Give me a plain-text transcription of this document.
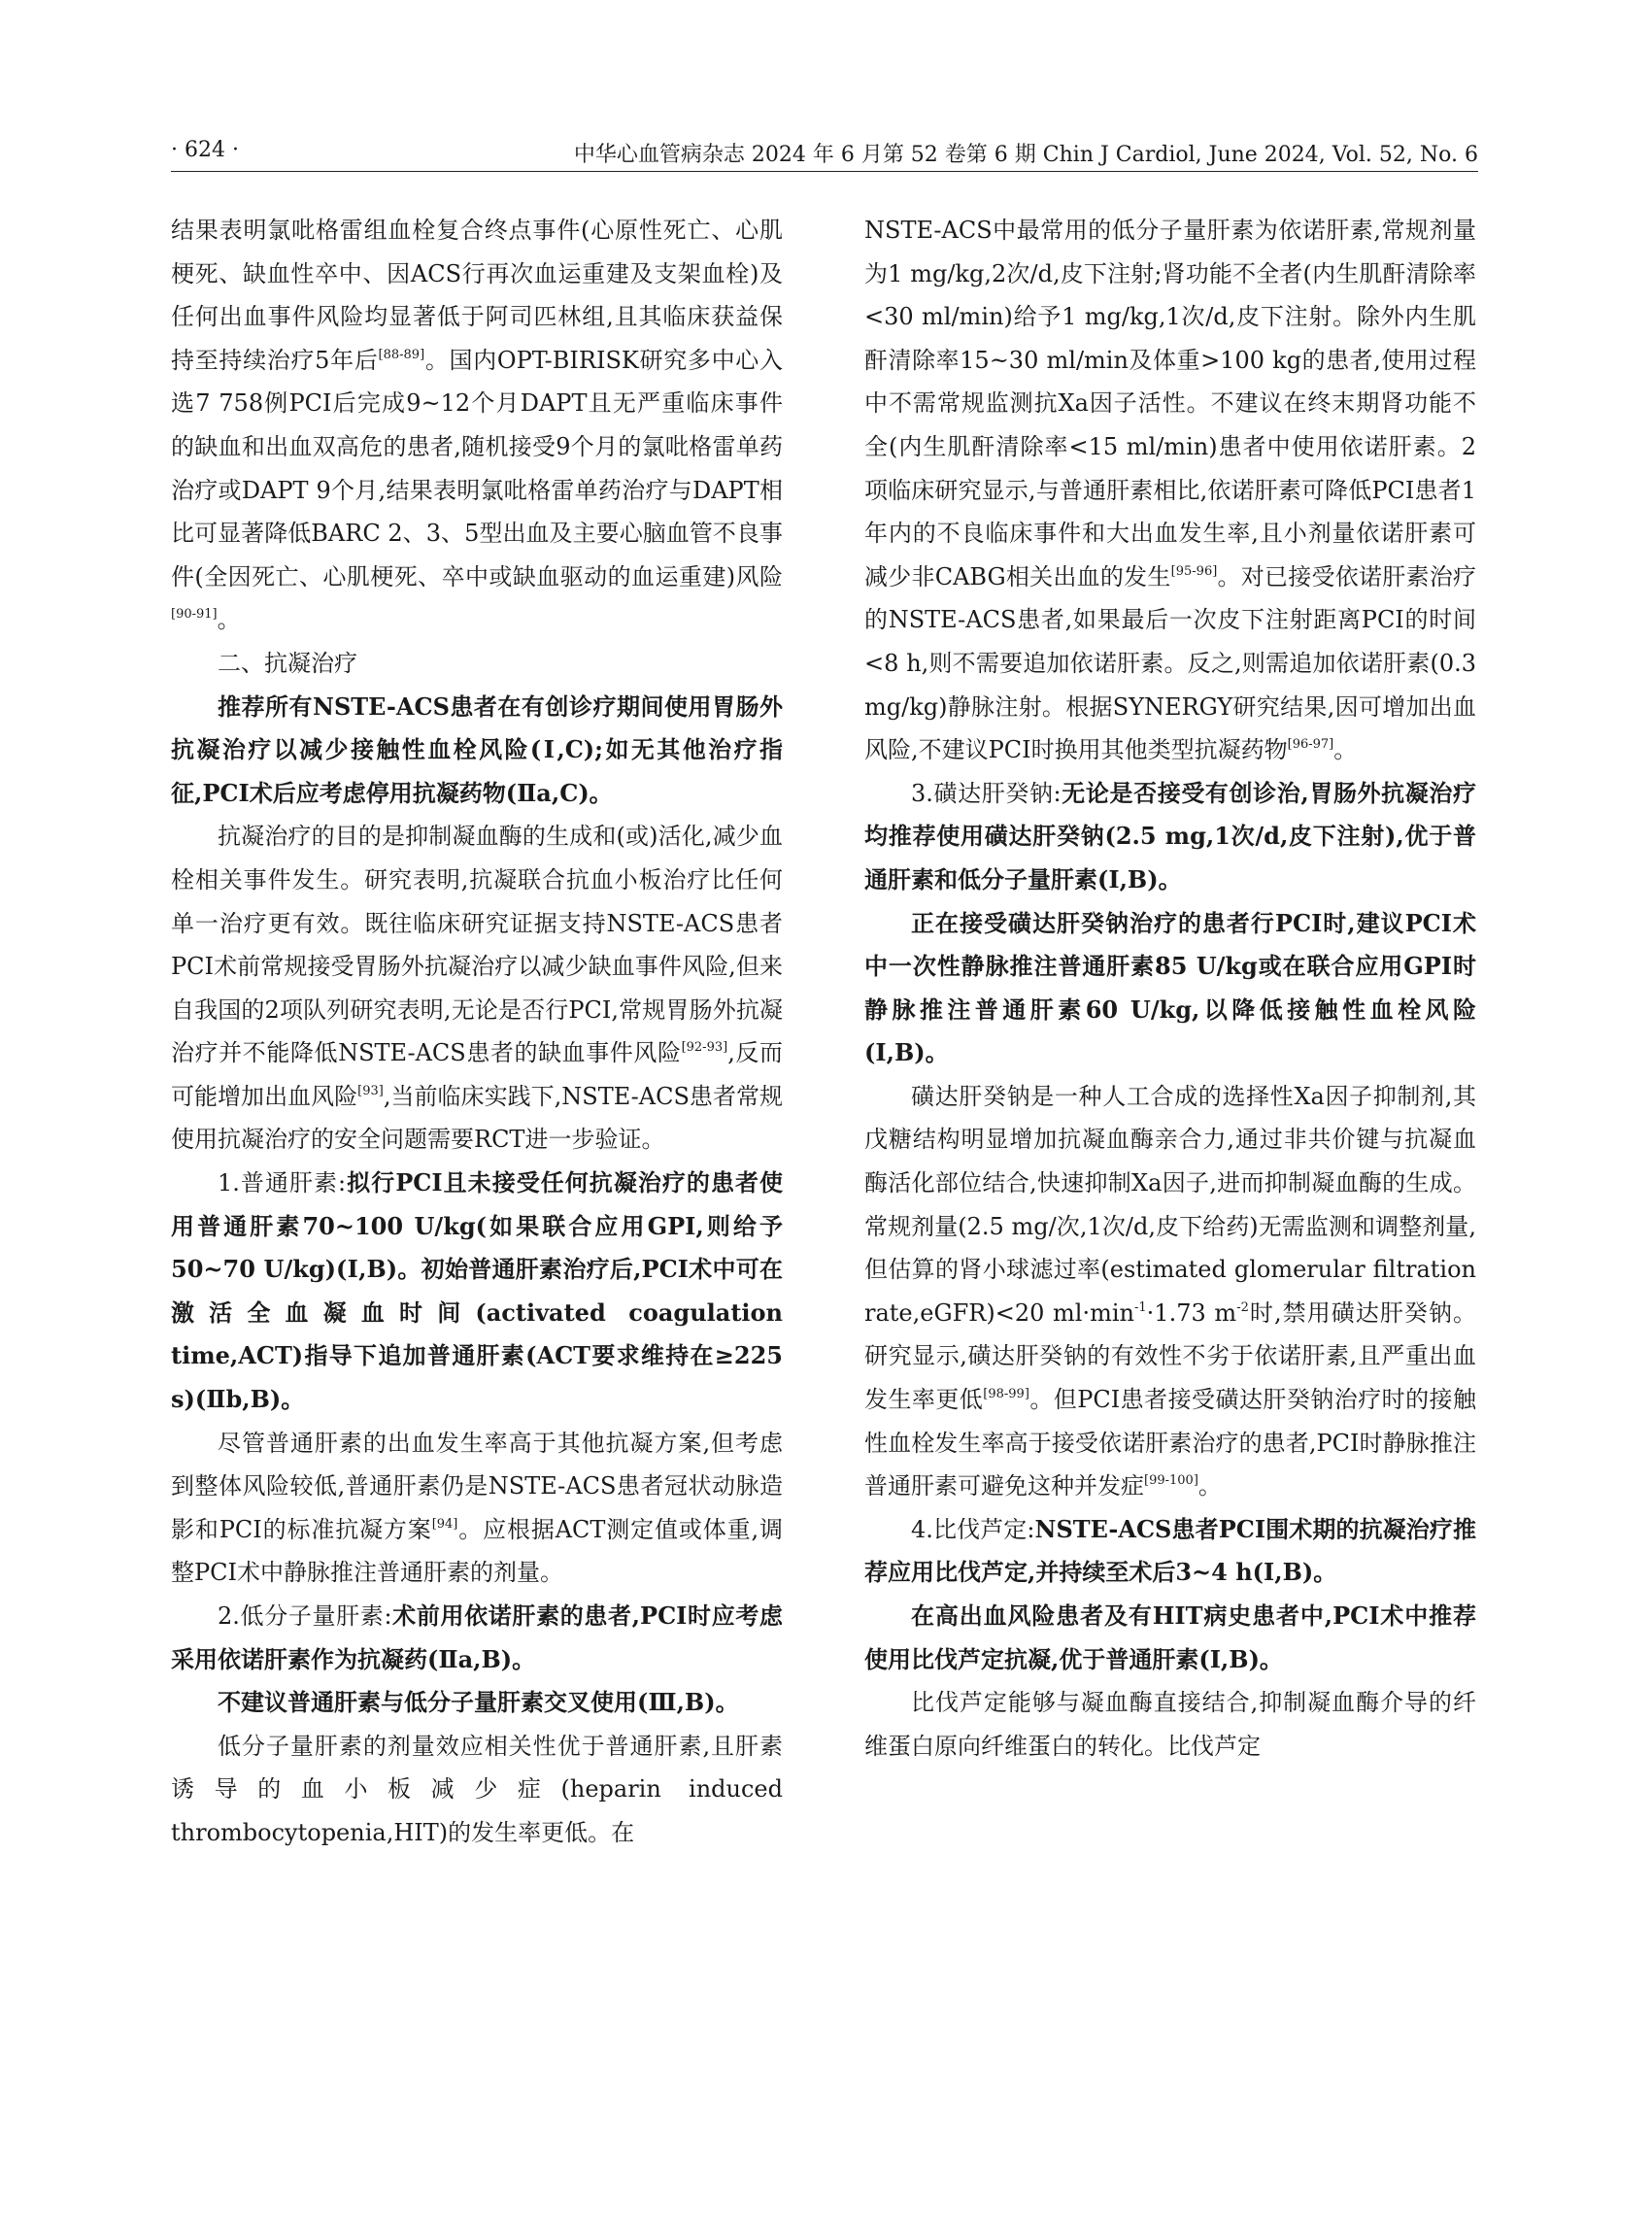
· 624 ·	中华心血管病杂志 2024 年 6 月第 52 卷第 6 期 Chin J Cardiol, June 2024, Vol. 52, No. 6

结果表明氯吡格雷组血栓复合终点事件(心原性死亡、心肌梗死、缺血性卒中、因ACS行再次血运重建及支架血栓)及任何出血事件风险均显著低于阿司匹林组,且其临床获益保持至持续治疗5年后[88-89]。国内OPT-BIRISK研究多中心入选7 758例PCI后完成9~12个月DAPT且无严重临床事件的缺血和出血双高危的患者,随机接受9个月的氯吡格雷单药治疗或DAPT 9个月,结果表明氯吡格雷单药治疗与DAPT相比可显著降低BARC 2、3、5型出血及主要心脑血管不良事件(全因死亡、心肌梗死、卒中或缺血驱动的血运重建)风险[90-91]。

二、抗凝治疗

推荐所有NSTE-ACS患者在有创诊疗期间使用胃肠外抗凝治疗以减少接触性血栓风险(Ⅰ,C);如无其他治疗指征,PCI术后应考虑停用抗凝药物(Ⅱa,C)。

抗凝治疗的目的是抑制凝血酶的生成和(或)活化,减少血栓相关事件发生。研究表明,抗凝联合抗血小板治疗比任何单一治疗更有效。既往临床研究证据支持NSTE-ACS患者PCI术前常规接受胃肠外抗凝治疗以减少缺血事件风险,但来自我国的2项队列研究表明,无论是否行PCI,常规胃肠外抗凝治疗并不能降低NSTE-ACS患者的缺血事件风险[92-93],反而可能增加出血风险[93],当前临床实践下,NSTE-ACS患者常规使用抗凝治疗的安全问题需要RCT进一步验证。

1.普通肝素:拟行PCI且未接受任何抗凝治疗的患者使用普通肝素70~100 U/kg(如果联合应用GPI,则给予50~70 U/kg)(Ⅰ,B)。初始普通肝素治疗后,PCI术中可在激活全血凝血时间(activated coagulation time,ACT)指导下追加普通肝素(ACT要求维持在≥225 s)(Ⅱb,B)。

尽管普通肝素的出血发生率高于其他抗凝方案,但考虑到整体风险较低,普通肝素仍是NSTE-ACS患者冠状动脉造影和PCI的标准抗凝方案[94]。应根据ACT测定值或体重,调整PCI术中静脉推注普通肝素的剂量。

2.低分子量肝素:术前用依诺肝素的患者,PCI时应考虑采用依诺肝素作为抗凝药(Ⅱa,B)。

不建议普通肝素与低分子量肝素交叉使用(Ⅲ,B)。

低分子量肝素的剂量效应相关性优于普通肝素,且肝素诱导的血小板减少症(heparin induced thrombocytopenia,HIT)的发生率更低。在

NSTE-ACS中最常用的低分子量肝素为依诺肝素,常规剂量为1 mg/kg,2次/d,皮下注射;肾功能不全者(内生肌酐清除率<30 ml/min)给予1 mg/kg,1次/d,皮下注射。除外内生肌酐清除率15~30 ml/min及体重>100 kg的患者,使用过程中不需常规监测抗Xa因子活性。不建议在终末期肾功能不全(内生肌酐清除率<15 ml/min)患者中使用依诺肝素。2项临床研究显示,与普通肝素相比,依诺肝素可降低PCI患者1年内的不良临床事件和大出血发生率,且小剂量依诺肝素可减少非CABG相关出血的发生[95-96]。对已接受依诺肝素治疗的NSTE-ACS患者,如果最后一次皮下注射距离PCI的时间<8 h,则不需要追加依诺肝素。反之,则需追加依诺肝素(0.3 mg/kg)静脉注射。根据SYNERGY研究结果,因可增加出血风险,不建议PCI时换用其他类型抗凝药物[96-97]。

3.磺达肝癸钠:无论是否接受有创诊治,胃肠外抗凝治疗均推荐使用磺达肝癸钠(2.5 mg,1次/d,皮下注射),优于普通肝素和低分子量肝素(Ⅰ,B)。

正在接受磺达肝癸钠治疗的患者行PCI时,建议PCI术中一次性静脉推注普通肝素85 U/kg或在联合应用GPI时静脉推注普通肝素60 U/kg,以降低接触性血栓风险(Ⅰ,B)。

磺达肝癸钠是一种人工合成的选择性Xa因子抑制剂,其戊糖结构明显增加抗凝血酶亲合力,通过非共价键与抗凝血酶活化部位结合,快速抑制Xa因子,进而抑制凝血酶的生成。常规剂量(2.5 mg/次,1次/d,皮下给药)无需监测和调整剂量,但估算的肾小球滤过率(estimated glomerular filtration rate,eGFR)<20 $ml\cdot\min^{-1}\cdot 1.73$ $m^{-2}$时,禁用磺达肝癸钠。研究显示,磺达肝癸钠的有效性不劣于依诺肝素,且严重出血发生率更低[98-99]。但PCI患者接受磺达肝癸钠治疗时的接触性血栓发生率高于接受依诺肝素治疗的患者,PCI时静脉推注普通肝素可避免这种并发症[99-100]。

4.比伐芦定:NSTE-ACS患者PCI围术期的抗凝治疗推荐应用比伐芦定,并持续至术后3~4 h(Ⅰ,B)。

在高出血风险患者及有HIT病史患者中,PCI术中推荐使用比伐芦定抗凝,优于普通肝素(Ⅰ,B)。

比伐芦定能够与凝血酶直接结合,抑制凝血酶介导的纤维蛋白原向纤维蛋白的转化。比伐芦定
